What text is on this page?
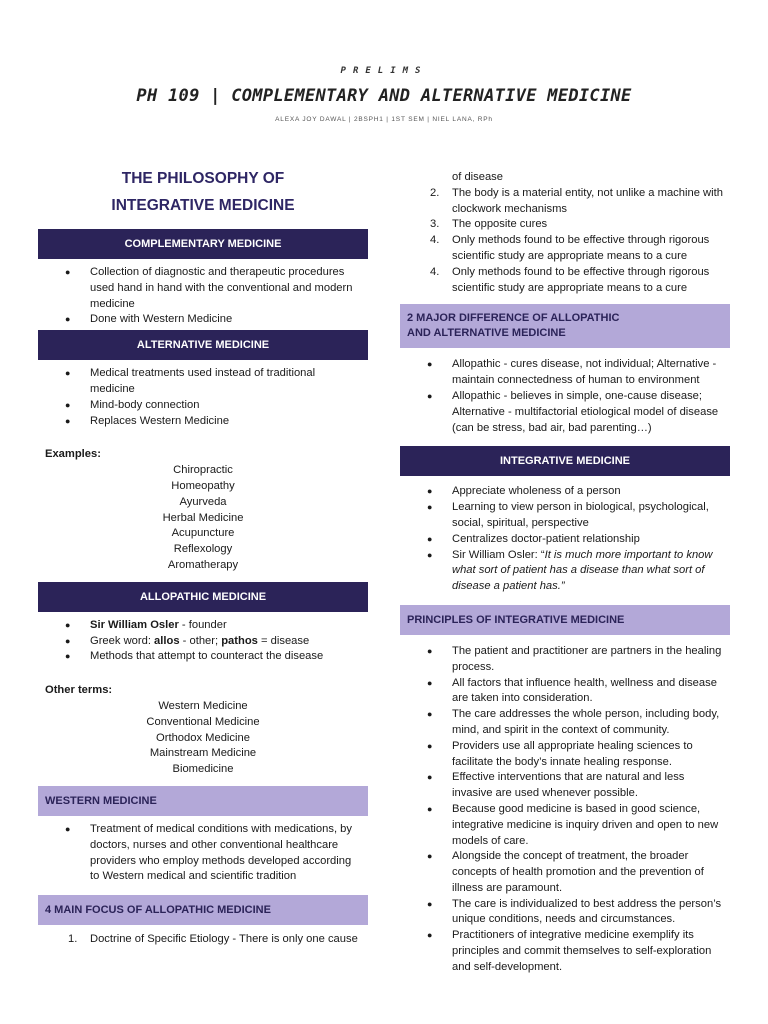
PRELIMS
PH 109 | COMPLEMENTARY AND ALTERNATIVE MEDICINE
ALEXA JOY DAWAL | 2BSPH1 | 1ST SEM | NIEL LANA, RPh
THE PHILOSOPHY OF
INTEGRATIVE MEDICINE
COMPLEMENTARY MEDICINE
● Collection of diagnostic and therapeutic procedures used hand in hand with the conventional and modern medicine
● Done with Western Medicine
ALTERNATIVE MEDICINE
● Medical treatments used instead of traditional medicine
● Mind-body connection
● Replaces Western Medicine
Examples:
Chiropractic
Homeopathy
Ayurveda
Herbal Medicine
Acupuncture
Reflexology
Aromatherapy
ALLOPATHIC MEDICINE
● Sir William Osler - founder
● Greek word: allos - other; pathos = disease
● Methods that attempt to counteract the disease
Other terms:
Western Medicine
Conventional Medicine
Orthodox Medicine
Mainstream Medicine
Biomedicine
WESTERN MEDICINE
● Treatment of medical conditions with medications, by doctors, nurses and other conventional healthcare providers who employ methods developed according to Western medical and scientific tradition
4 MAIN FOCUS OF ALLOPATHIC MEDICINE
1. Doctrine of Specific Etiology - There is only one cause
of disease
2. The body is a material entity, not unlike a machine with clockwork mechanisms
3. The opposite cures
4. Only methods found to be effective through rigorous scientific study are appropriate means to a cure
4. Only methods found to be effective through rigorous scientific study are appropriate means to a cure
2 MAJOR DIFFERENCE OF ALLOPATHIC
AND ALTERNATIVE MEDICINE
● Allopathic - cures disease, not individual; Alternative - maintain connectedness of human to environment
● Allopathic - believes in simple, one-cause disease; Alternative - multifactorial etiological model of disease (can be stress, bad air, bad parenting…)
INTEGRATIVE MEDICINE
● Appreciate wholeness of a person
● Learning to view person in biological, psychological, social, spiritual, perspective
● Centralizes doctor-patient relationship
● Sir William Osler: “It is much more important to know what sort of patient has a disease than what sort of disease a patient has.”
PRINCIPLES OF INTEGRATIVE MEDICINE
● The patient and practitioner are partners in the healing process.
● All factors that influence health, wellness and disease are taken into consideration.
● The care addresses the whole person, including body, mind, and spirit in the context of community.
● Providers use all appropriate healing sciences to facilitate the body’s innate healing response.
● Effective interventions that are natural and less invasive are used whenever possible.
● Because good medicine is based in good science, integrative medicine is inquiry driven and open to new models of care.
● Alongside the concept of treatment, the broader concepts of health promotion and the prevention of illness are paramount.
● The care is individualized to best address the person’s unique conditions, needs and circumstances.
● Practitioners of integrative medicine exemplify its principles and commit themselves to self-exploration and self-development.
